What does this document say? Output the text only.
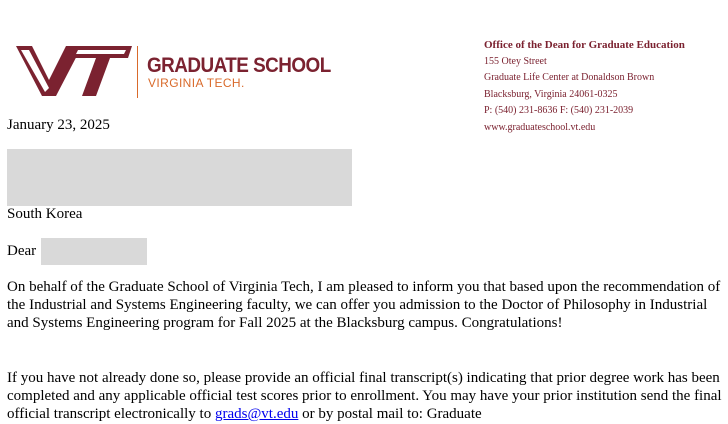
GRADUATE SCHOOL
VIRGINIA TECH.
Office of the Dean for Graduate Education
155 Otey Street
Graduate Life Center at Donaldson Brown
Blacksburg, Virginia 24061-0325
P: (540) 231-8636 F: (540) 231-2039
www.graduateschool.vt.edu
January 23, 2025
South Korea
Dear
On behalf of the Graduate School of Virginia Tech, I am pleased to inform you that based upon the recommendation of the Industrial and Systems Engineering faculty, we can offer you admission to the Doctor of Philosophy in Industrial and Systems Engineering program for Fall 2025 at the Blacksburg campus. Congratulations!
If you have not already done so, please provide an official final transcript(s) indicating that prior degree work has been completed and any applicable official test scores prior to enrollment. You may have your prior institution send the final official transcript electronically to grads@vt.edu or by postal mail to: Graduate
